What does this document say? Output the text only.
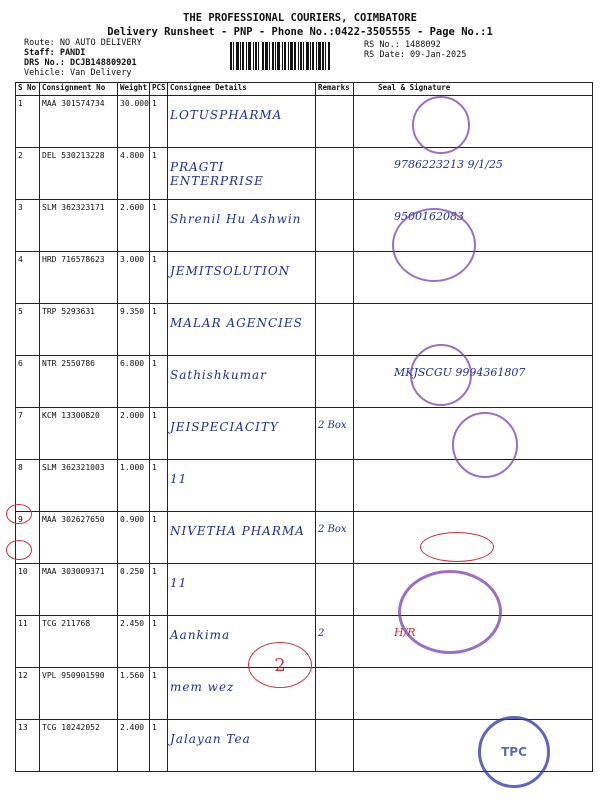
THE PROFESSIONAL COURIERS, COIMBATORE
Delivery Runsheet - PNP - Phone No.:0422-3505555 - Page No.:1
Route: NO AUTO DELIVERY
Staff: PANDI
DRS No.: DCJB148809201
Vehicle: Van Delivery
RS No.: 1488092
RS Date: 09-Jan-2025
S No	Consignment No	Weight	PCS	Consignee Details	Remarks	Seal & Signature
1	MAA 301574734	30.000	1	LOTUSPHARMA		
2	DEL 530213228	4.800	1	PRAGTI ENTERPRISE		9786223213 9/1/25
3	SLM 362323171	2.600	1	Shrenil Hu Ashwin		9500162083
4	HRD 716578623	3.000	1	JEMITSOLUTION		
5	TRP 5293631	9.350	1	MALAR AGENCIES		
6	NTR 2550786	6.800	1	Sathishkumar		MKJSCGU 9994361807
7	KCM 13300820	2.000	1	JEISPECIACITY	2 Box	
8	SLM 362321003	1.000	1	11		
9	MAA 302627650	0.900	1	NIVETHA PHARMA	2 Box	
10	MAA 303009371	0.250	1	11		
11	TCG 211768	2.450	1	Aankima	2	H/R
12	VPL 950901590	1.560	1	mem wez		
13	TCG 10242052	2.400	1	Jalayan Tea		
2
TPC
